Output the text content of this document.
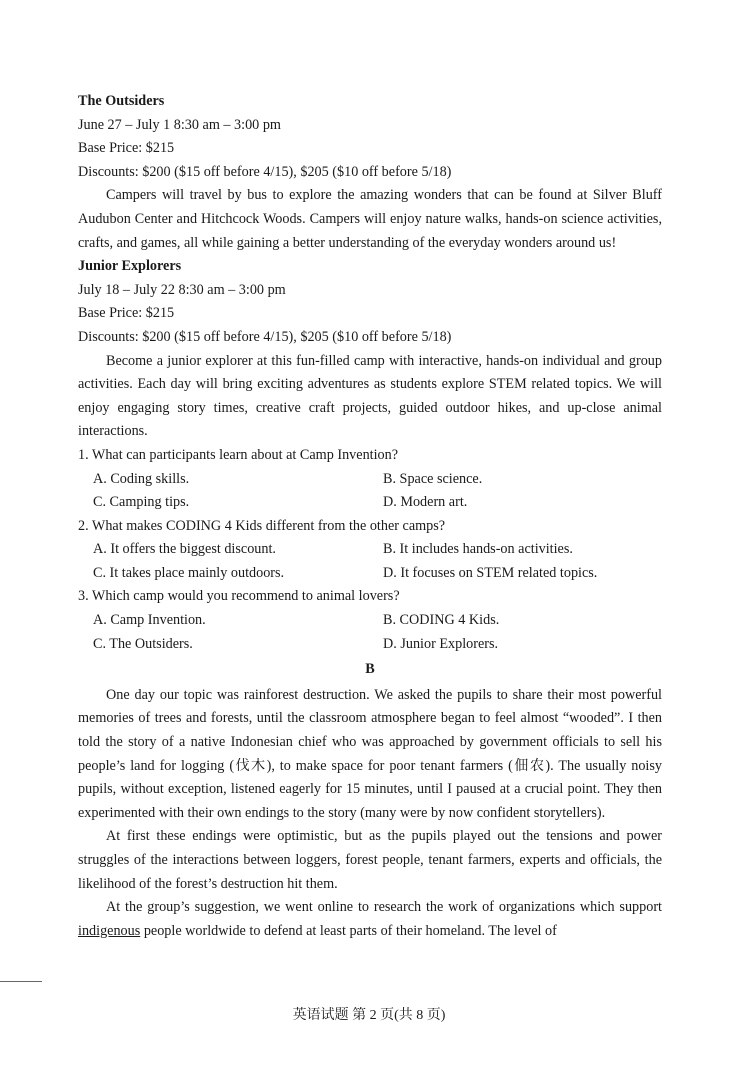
The Outsiders

June 27 – July 1 8:30 am – 3:00 pm

Base Price: $215

Discounts: $200 ($15 off before 4/15), $205 ($10 off before 5/18)

Campers will travel by bus to explore the amazing wonders that can be found at Silver Bluff Audubon Center and Hitchcock Woods. Campers will enjoy nature walks, hands-on science activities, crafts, and games, all while gaining a better understanding of the everyday wonders around us!

Junior Explorers

July 18 – July 22 8:30 am – 3:00 pm

Base Price: $215

Discounts: $200 ($15 off before 4/15), $205 ($10 off before 5/18)

Become a junior explorer at this fun-filled camp with interactive, hands-on individual and group activities. Each day will bring exciting adventures as students explore STEM related topics. We will enjoy engaging story times, creative craft projects, guided outdoor hikes, and up-close animal interactions.

1. What can participants learn about at Camp Invention?

A. Coding skills.	B. Space science.
C. Camping tips.	D. Modern art.

2. What makes CODING 4 Kids different from the other camps?

A. It offers the biggest discount.	B. It includes hands-on activities.
C. It takes place mainly outdoors.	D. It focuses on STEM related topics.

3. Which camp would you recommend to animal lovers?

A. Camp Invention.	B. CODING 4 Kids.
C. The Outsiders.	D. Junior Explorers.

B

One day our topic was rainforest destruction. We asked the pupils to share their most powerful memories of trees and forests, until the classroom atmosphere began to feel almost “wooded”. I then told the story of a native Indonesian chief who was approached by government officials to sell his people’s land for logging (伐木), to make space for poor tenant farmers (佃农). The usually noisy pupils, without exception, listened eagerly for 15 minutes, until I paused at a crucial point. They then experimented with their own endings to the story (many were by now confident storytellers).

At first these endings were optimistic, but as the pupils played out the tensions and power struggles of the interactions between loggers, forest people, tenant farmers, experts and officials, the likelihood of the forest’s destruction hit them.

At the group’s suggestion, we went online to research the work of organizations which support indigenous people worldwide to defend at least parts of their homeland. The level of

英语试题 第 2 页(共 8 页)
